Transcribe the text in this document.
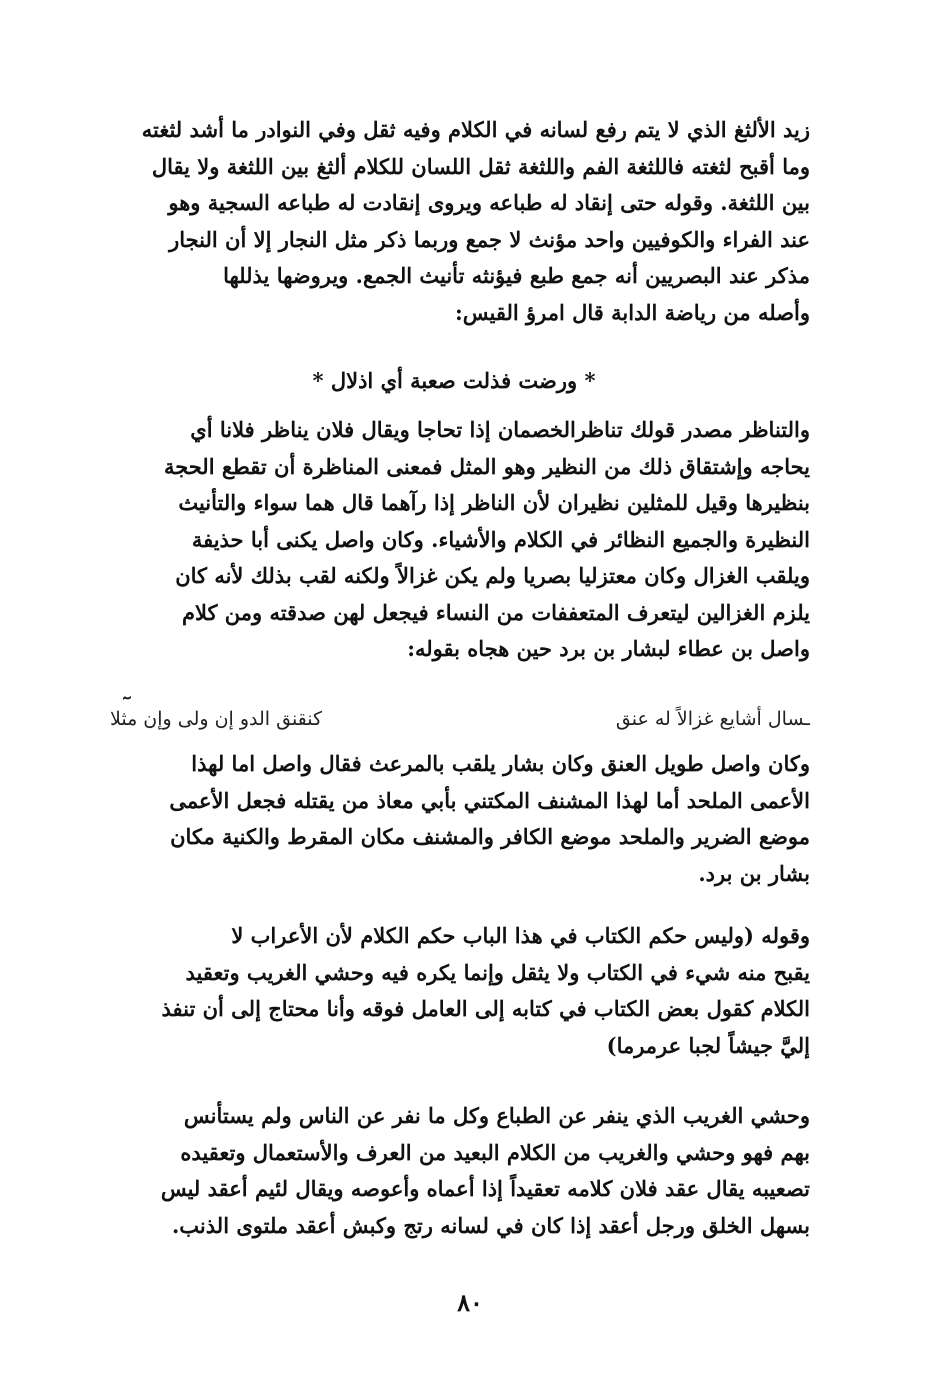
زيد الألثغ الذي لا يتم رفع لسانه في الكلام وفيه ثقل وفي النوادر ما أشد لثغته
وما أقبح لثغته فاللثغة الفم واللثغة ثقل اللسان للكلام ألثغ بين اللثغة ولا يقال
بين اللثغة. وقوله حتى إنقاد له طباعه ويروى إنقادت له طباعه السجية وهو
عند الفراء والكوفيين واحد مؤنث لا جمع وربما ذكر مثل النجار إلا أن النجار
مذكر عند البصريين أنه جمع طبع فيؤنثه تأنيث الجمع. ويروضها يذللها
وأصله من رياضة الدابة قال امرؤ القيس:

* ورضت فذلت صعبة أي اذلال *

والتناظر مصدر قولك تناظرالخصمان إذا تحاجا ويقال فلان يناظر فلانا أي
يحاجه وإشتقاق ذلك من النظير وهو المثل فمعنى المناظرة أن تقطع الحجة
بنظيرها وقيل للمثلين نظيران لأن الناظر إذا رآهما قال هما سواء والتأنيث
النظيرة والجميع النظائر في الكلام والأشياء. وكان واصل يكنى أبا حذيفة
ويلقب الغزال وكان معتزليا بصريا ولم يكن غزالاً ولكنه لقب بذلك لأنه كان
يلزم الغزالين ليتعرف المتعففات من النساء فيجعل لهن صدقته ومن كلام
واصل بن عطاء لبشار بن برد حين هجاه بقوله:
ـسال أشايع غزالاً له عنق
كنقنق الدو إن ولى وإن مثلا
وكان واصل طويل العنق وكان بشار يلقب بالمرعث فقال واصل اما لهذا
الأعمى الملحد أما لهذا المشنف المكتني بأبي معاذ من يقتله فجعل الأعمى
موضع الضرير والملحد موضع الكافر والمشنف مكان المقرط والكنية مكان
بشار بن برد.
وقوله (وليس حكم الكتاب في هذا الباب حكم الكلام لأن الأعراب لا
يقبح منه شيء في الكتاب ولا يثقل وإنما يكره فيه وحشي الغريب وتعقيد
الكلام كقول بعض الكتاب في كتابه إلى العامل فوقه وأنا محتاج إلى أن تنفذ
إليَّ جيشاً لجبا عرمرما)
وحشي الغريب الذي ينفر عن الطباع وكل ما نفر عن الناس ولم يستأنس
بهم فهو وحشي والغريب من الكلام البعيد من العرف والأستعمال وتعقيده
تصعيبه يقال عقد فلان كلامه تعقيداً إذا أعماه وأعوصه ويقال لئيم أعقد ليس
بسهل الخلق ورجل أعقد إذا كان في لسانه رتج وكبش أعقد ملتوى الذنب.

٨٠
